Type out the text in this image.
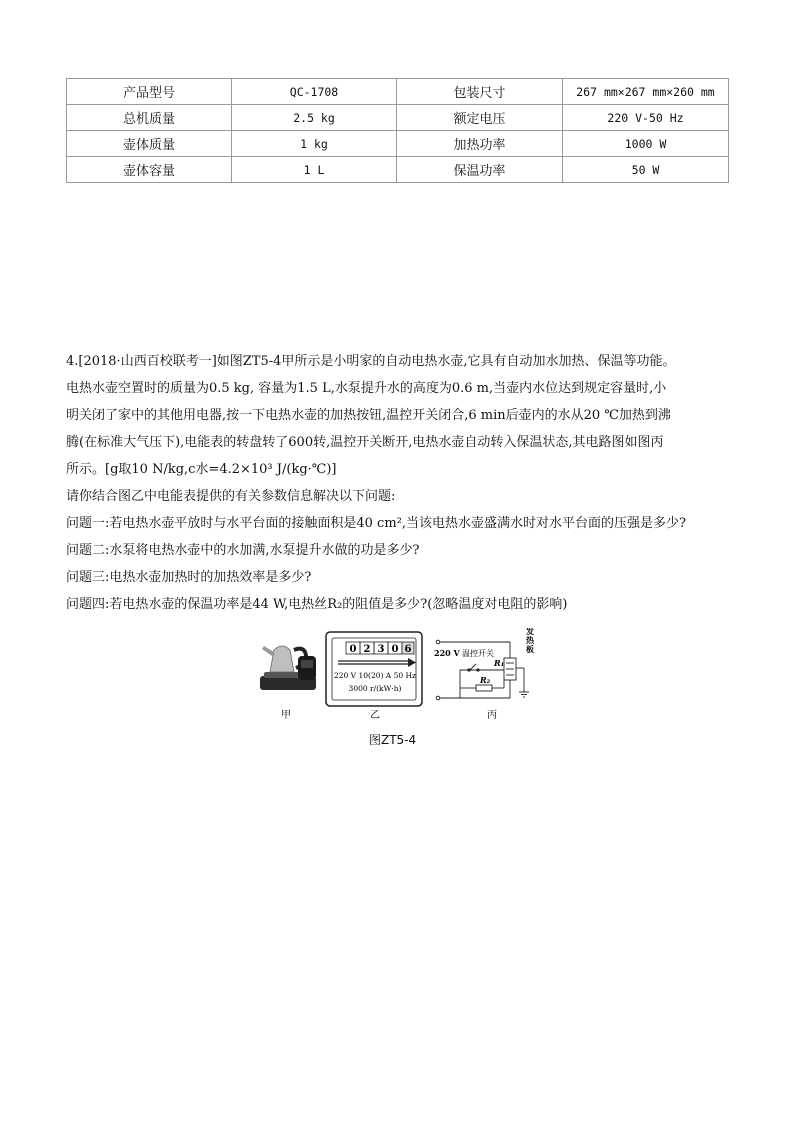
产品型号	QC-1708	包装尺寸	267 mm×267 mm×260 mm
总机质量	2.5 kg	额定电压	220 V-50 Hz
壶体质量	1 kg	加热功率	1000 W
壶体容量	1 L	保温功率	50 W
4.[2018·山西百校联考一]如图ZT5-4甲所示是小明家的自动电热水壶,它具有自动加水加热、保温等功能。
电热水壶空置时的质量为0.5 kg, 容量为1.5 L,水泵提升水的高度为0.6 m,当壶内水位达到规定容量时,小
明关闭了家中的其他用电器,按一下电热水壶的加热按钮,温控开关闭合,6 min后壶内的水从20 ℃加热到沸
腾(在标准大气压下),电能表的转盘转了600转,温控开关断开,电热水壶自动转入保温状态,其电路图如图丙
所示。[g取10 N/kg,c水=4.2×10³ J/(kg·℃)]
请你结合图乙中电能表提供的有关参数信息解决以下问题:
问题一:若电热水壶平放时与水平台面的接触面积是40 cm²,当该电热水壶盛满水时对水平台面的压强是多少?
问题二:水泵将电热水壶中的水加满,水泵提升水做的功是多少?
问题三:电热水壶加热时的加热效率是多少?
问题四:若电热水壶的保温功率是44 W,电热丝R₂的阻值是多少?(忽略温度对电阻的影响)
甲
0 2 3 0 6
220 V 10(20) A 50 Hz
3000 r/(kW·h)
乙
220 V 温控开关
R₁
R₂
发
热
板
丙
图ZT5-4
